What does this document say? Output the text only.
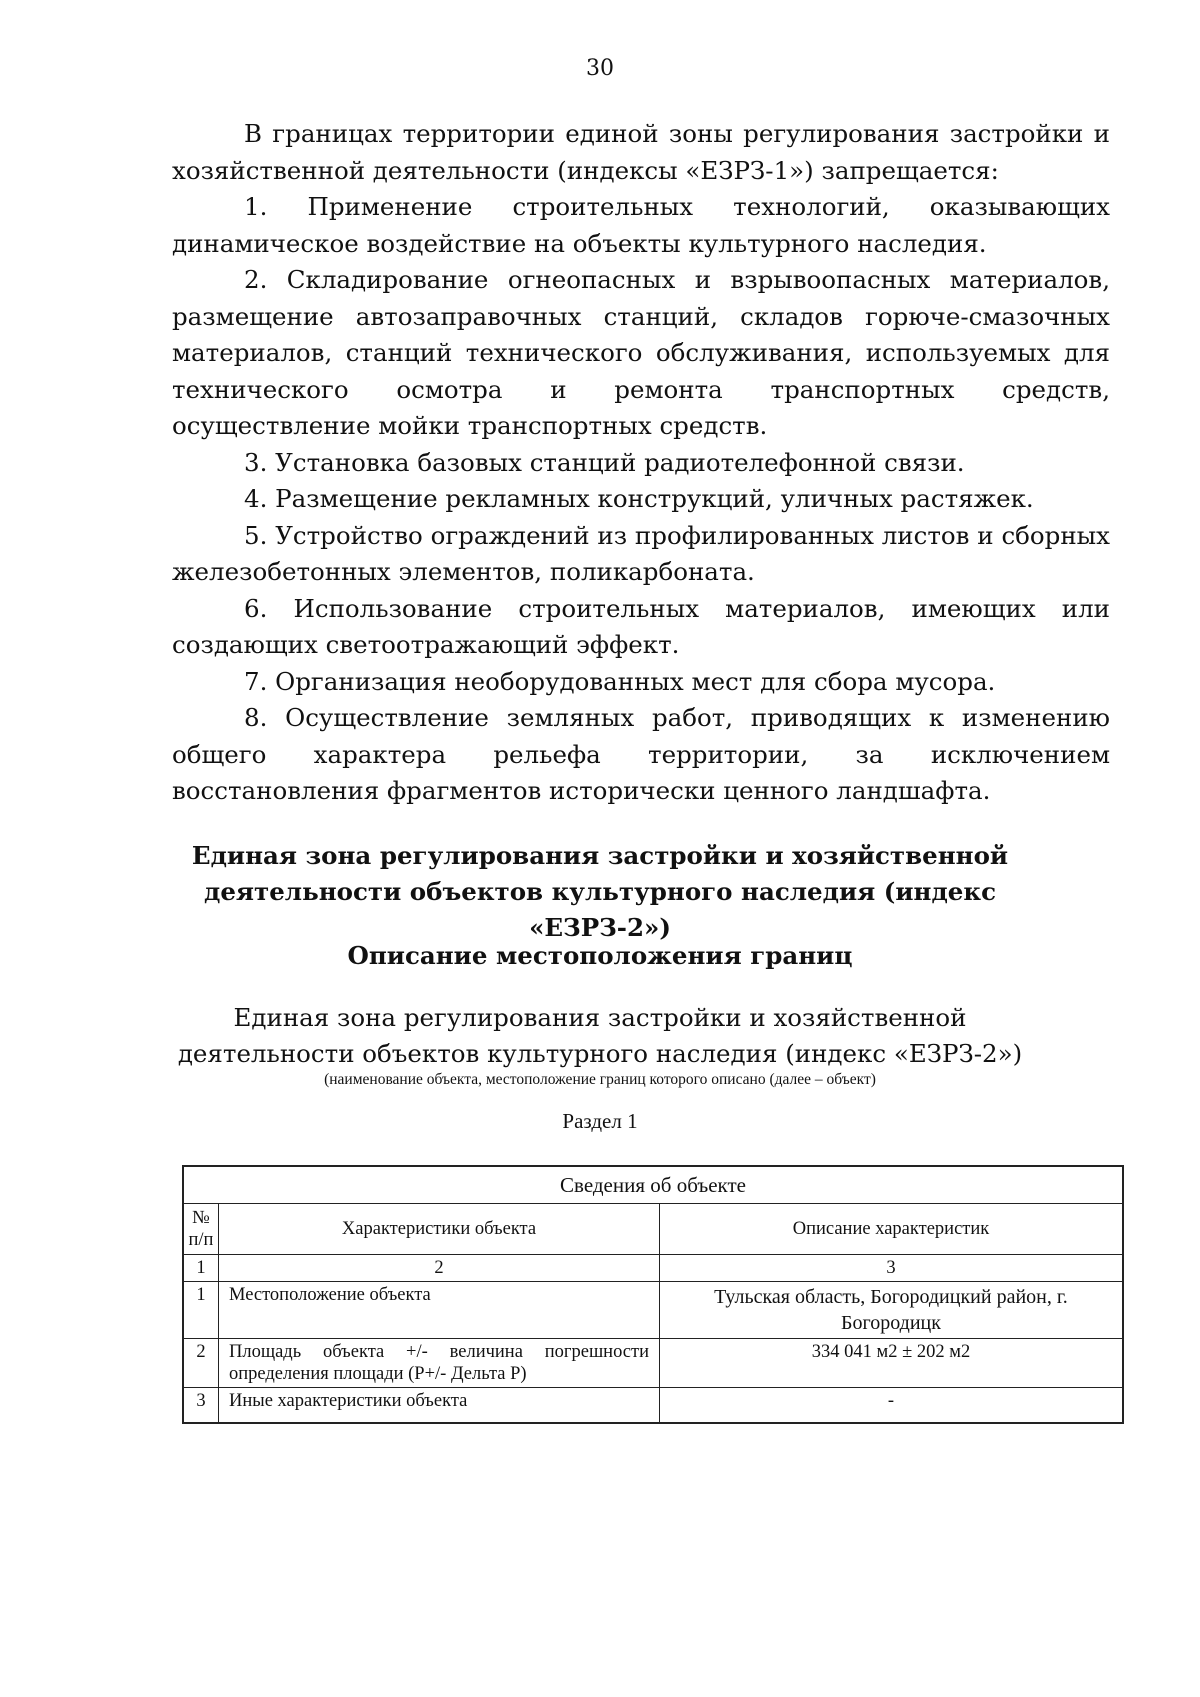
30

В границах территории единой зоны регулирования застройки и хозяйственной деятельности (индексы «ЕЗРЗ-1») запрещается:

1. Применение строительных технологий, оказывающих динамическое воздействие на объекты культурного наследия.

2. Складирование огнеопасных и взрывоопасных материалов, размещение автозаправочных станций, складов горюче-смазочных материалов, станций технического обслуживания, используемых для технического осмотра и ремонта транспортных средств, осуществление мойки транспортных средств.

3. Установка базовых станций радиотелефонной связи.

4. Размещение рекламных конструкций, уличных растяжек.

5. Устройство ограждений из профилированных листов и сборных железобетонных элементов, поликарбоната.

6. Использование строительных материалов, имеющих или создающих светоотражающий эффект.

7. Организация необорудованных мест для сбора мусора.

8. Осуществление земляных работ, приводящих к изменению общего характера рельефа территории, за исключением восстановления фрагментов исторически ценного ландшафта.

Единая зона регулирования застройки и хозяйственной деятельности объектов культурного наследия (индекс «ЕЗРЗ-2»)
Описание местоположения границ
Единая зона регулирования застройки и хозяйственной деятельности объектов культурного наследия (индекс «ЕЗРЗ-2»)
(наименование объекта, местоположение границ которого описано (далее – объект)
Раздел 1
Сведения об объекте		
№ п/п	Характеристики объекта	Описание характеристик
1	2	3
1	Местоположение объекта	Тульская область, Богородицкий район, г. Богородицк
2	Площадь объекта +/- величина погрешности определения площади (Р+/- Дельта Р)	334 041 м2 ± 202 м2
3	Иные характеристики объекта	-
